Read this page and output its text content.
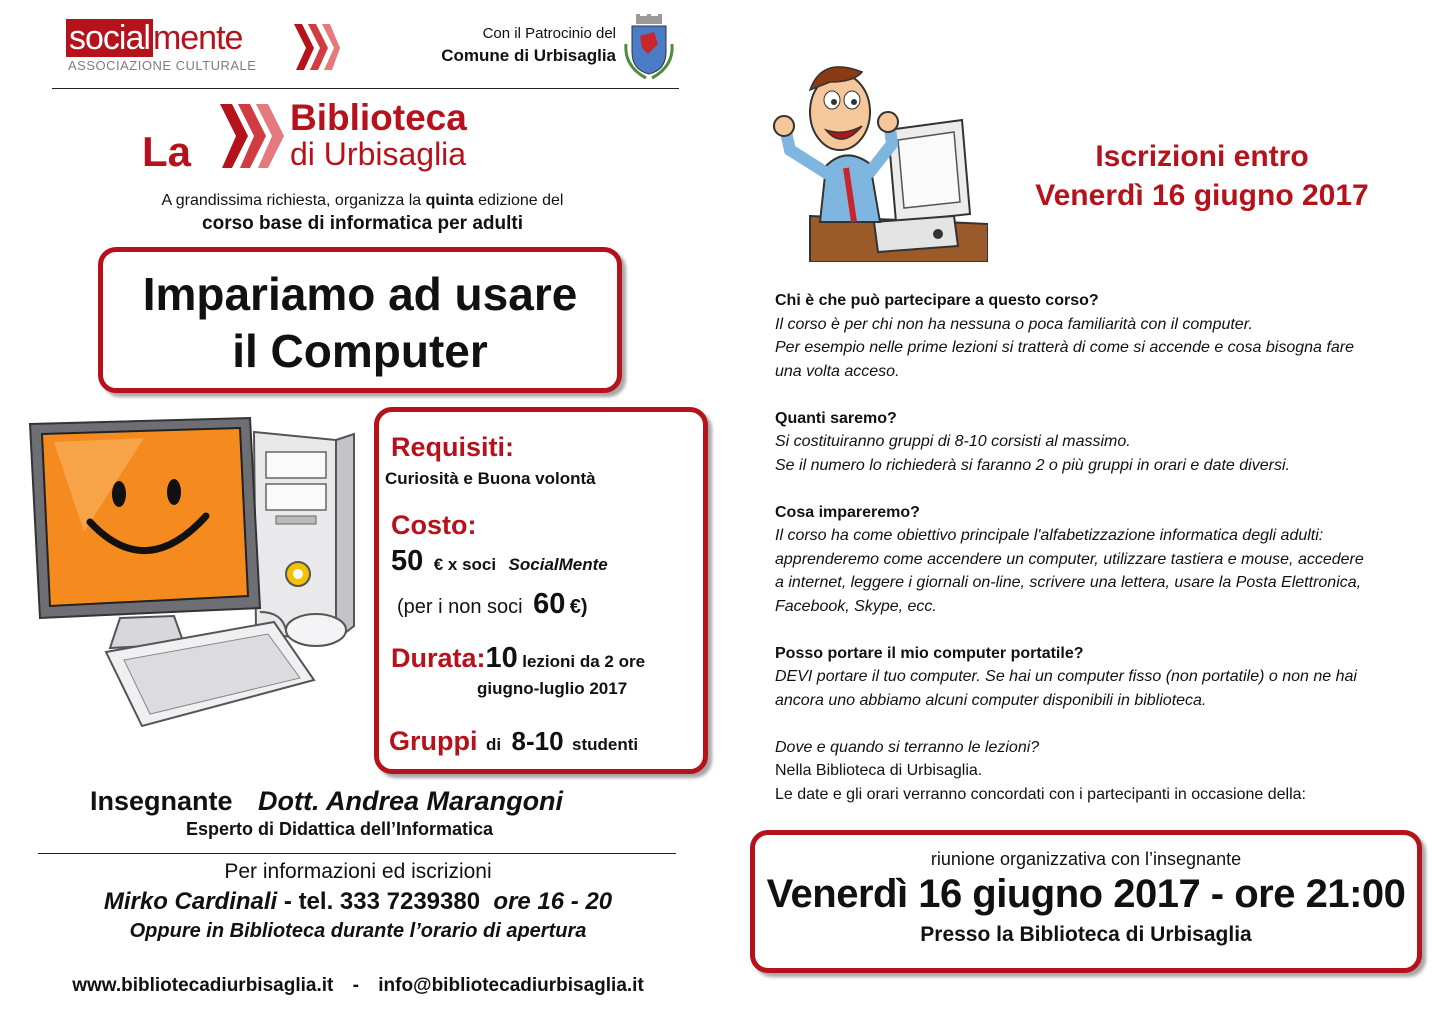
socialmente
ASSOCIAZIONE CULTURALE
Con il Patrocinio del
Comune di Urbisaglia
La
Biblioteca
di Urbisaglia
A grandissima richiesta, organizza la quinta edizione del
corso base di informatica per adulti
Impariamo ad usare
il Computer
Requisiti:
Curiosità e Buona volontà
Costo:
50 € x soci SocialMente
(per i non soci 60 €)
Durata:10 lezioni da 2 ore
giugno-luglio 2017
Gruppi di 8-10 studenti
Insegnante Dott. Andrea Marangoni
Esperto di Didattica dell’Informatica
Per informazioni ed iscrizioni
Mirko Cardinali - tel. 333 7239380 ore 16 - 20
Oppure in Biblioteca durante l’orario di apertura
www.bibliotecadiurbisaglia.it - info@bibliotecadiurbisaglia.it
Iscrizioni entro
Venerdì 16 giugno 2017
Chi è che può partecipare a questo corso?
Il corso è per chi non ha nessuna o poca familiarità con il computer.
Per esempio nelle prime lezioni si tratterà di come si accende e cosa bisogna fare
una volta acceso.
Quanti saremo?
Si costituiranno gruppi di 8-10 corsisti al massimo.
Se il numero lo richiederà si faranno 2 o più gruppi in orari e date diversi.
Cosa impareremo?
Il corso ha come obiettivo principale l'alfabetizzazione informatica degli adulti:
apprenderemo come accendere un computer, utilizzare tastiera e mouse, accedere
a internet, leggere i giornali on-line, scrivere una lettera, usare la Posta Elettronica,
Facebook, Skype, ecc.
Posso portare il mio computer portatile?
DEVI portare il tuo computer. Se hai un computer fisso (non portatile) o non ne hai
ancora uno abbiamo alcuni computer disponibili in biblioteca.
Dove e quando si terranno le lezioni?
Nella Biblioteca di Urbisaglia.
Le date e gli orari verranno concordati con i partecipanti in occasione della:
riunione organizzativa con l’insegnante
Venerdì 16 giugno 2017 - ore 21:00
Presso la Biblioteca di Urbisaglia
